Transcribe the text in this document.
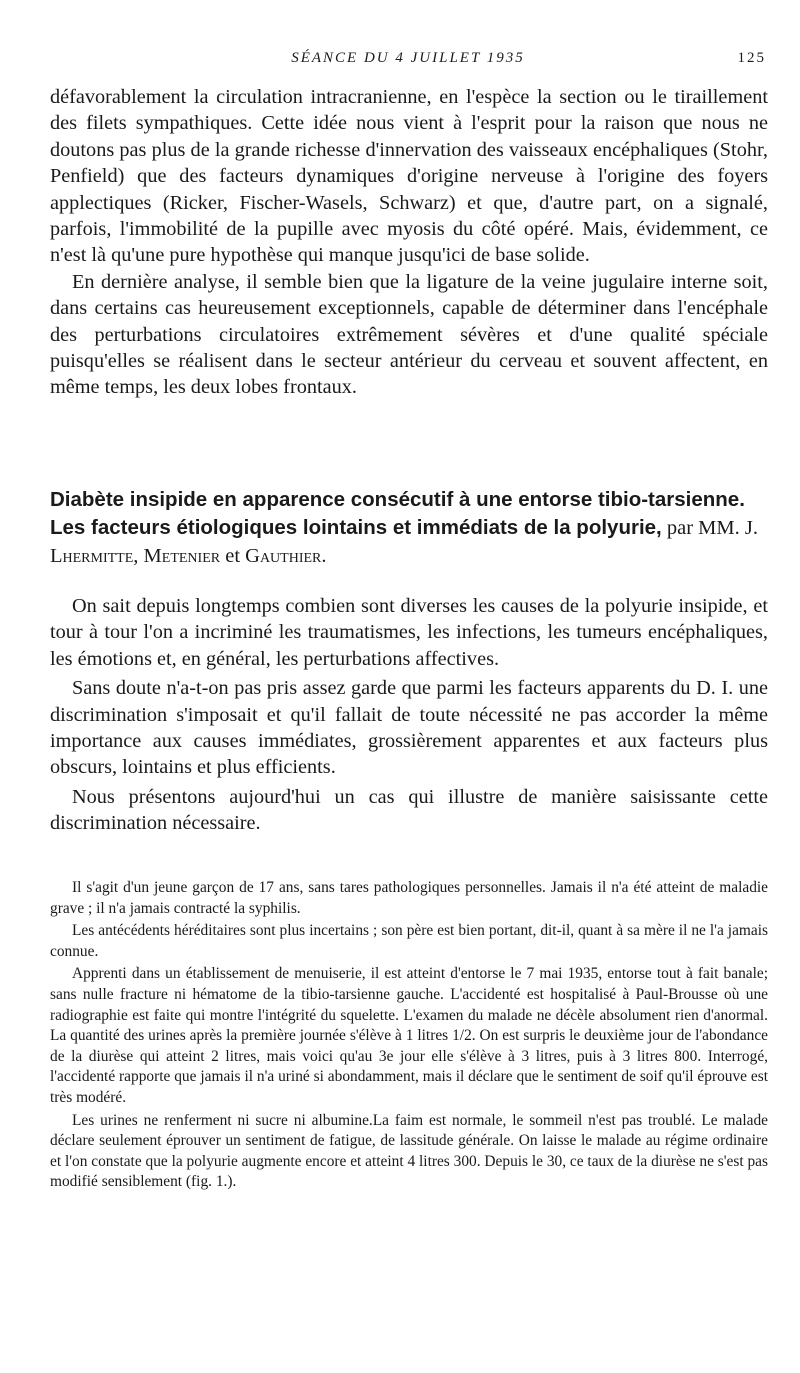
SÉANCE DU 4 JUILLET 1935	125

défavorablement la circulation intracranienne, en l'espèce la section ou le tiraillement des filets sympathiques. Cette idée nous vient à l'esprit pour la raison que nous ne doutons pas plus de la grande richesse d'innervation des vaisseaux encéphaliques (Stohr, Penfield) que des facteurs dynamiques d'origine nerveuse à l'origine des foyers applectiques (Ricker, Fischer-Wasels, Schwarz) et que, d'autre part, on a signalé, parfois, l'immobilité de la pupille avec myosis du côté opéré. Mais, évidemment, ce n'est là qu'une pure hypothèse qui manque jusqu'ici de base solide.

En dernière analyse, il semble bien que la ligature de la veine jugulaire interne soit, dans certains cas heureusement exceptionnels, capable de déterminer dans l'encéphale des perturbations circulatoires extrêmement sévères et d'une qualité spéciale puisqu'elles se réalisent dans le secteur antérieur du cerveau et souvent affectent, en même temps, les deux lobes frontaux.

Diabète insipide en apparence consécutif à une entorse tibio-tarsienne. Les facteurs étiologiques lointains et immédiats de la polyurie, par MM. J. Lhermitte, Metenier et Gauthier.

On sait depuis longtemps combien sont diverses les causes de la polyurie insipide, et tour à tour l'on a incriminé les traumatismes, les infections, les tumeurs encéphaliques, les émotions et, en général, les perturbations affectives.

Sans doute n'a-t-on pas pris assez garde que parmi les facteurs apparents du D. I. une discrimination s'imposait et qu'il fallait de toute nécessité ne pas accorder la même importance aux causes immédiates, grossièrement apparentes et aux facteurs plus obscurs, lointains et plus efficients.

Nous présentons aujourd'hui un cas qui illustre de manière saisissante cette discrimination nécessaire.

Il s'agit d'un jeune garçon de 17 ans, sans tares pathologiques personnelles. Jamais il n'a été atteint de maladie grave ; il n'a jamais contracté la syphilis.

Les antécédents héréditaires sont plus incertains ; son père est bien portant, dit-il, quant à sa mère il ne l'a jamais connue.

Apprenti dans un établissement de menuiserie, il est atteint d'entorse le 7 mai 1935, entorse tout à fait banale; sans nulle fracture ni hématome de la tibio-tarsienne gauche. L'accidenté est hospitalisé à Paul-Brousse où une radiographie est faite qui montre l'intégrité du squelette. L'examen du malade ne décèle absolument rien d'anormal. La quantité des urines après la première journée s'élève à 1 litres 1/2. On est surpris le deuxième jour de l'abondance de la diurèse qui atteint 2 litres, mais voici qu'au 3e jour elle s'élève à 3 litres, puis à 3 litres 800. Interrogé, l'accidenté rapporte que jamais il n'a uriné si abondamment, mais il déclare que le sentiment de soif qu'il éprouve est très modéré.

Les urines ne renferment ni sucre ni albumine.La faim est normale, le sommeil n'est pas troublé. Le malade déclare seulement éprouver un sentiment de fatigue, de lassitude générale. On laisse le malade au régime ordinaire et l'on constate que la polyurie augmente encore et atteint 4 litres 300. Depuis le 30, ce taux de la diurèse ne s'est pas modifié sensiblement (fig. 1.).
